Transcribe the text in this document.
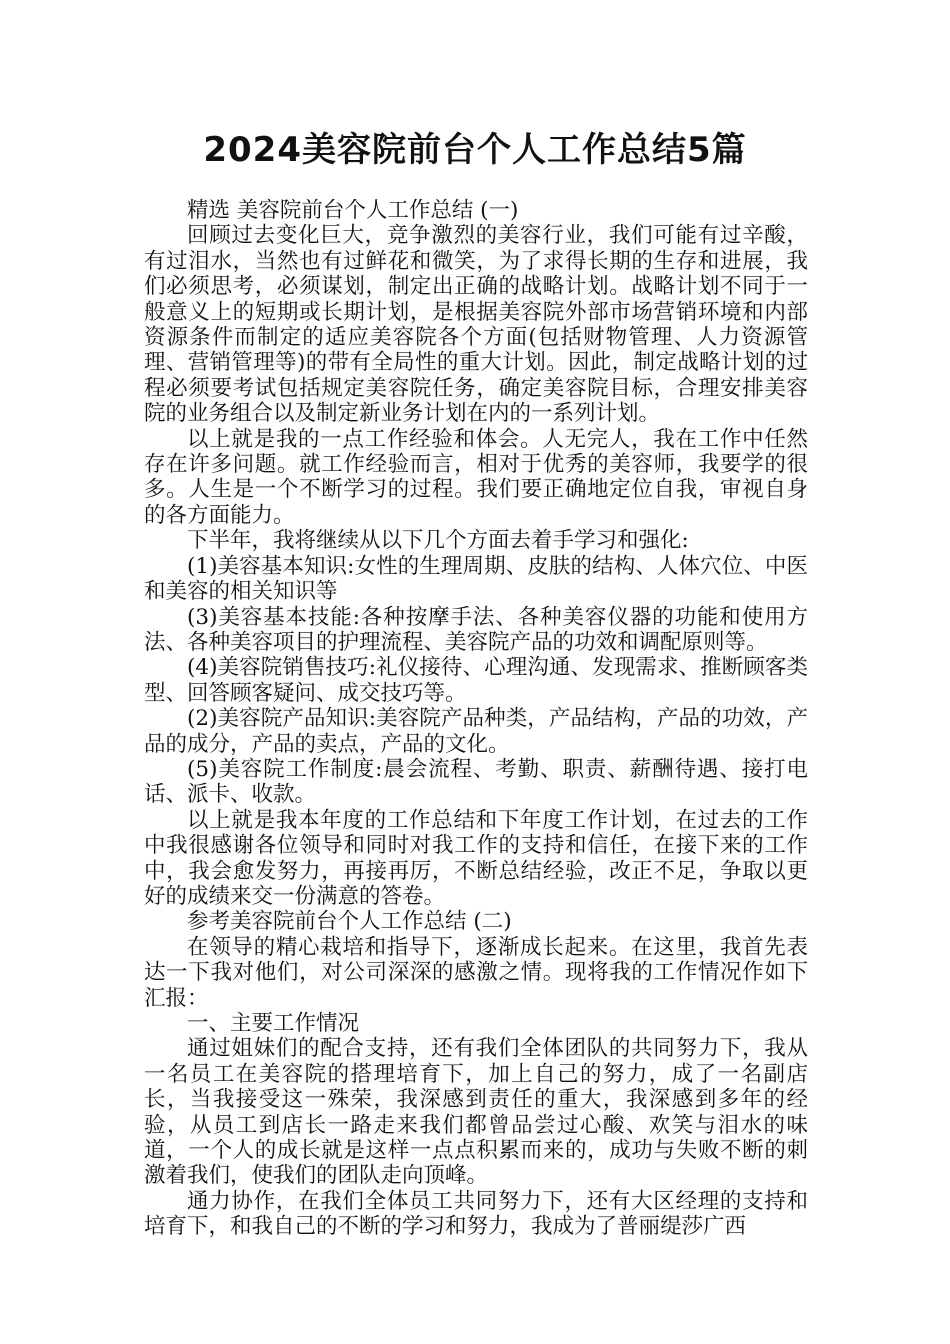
2024美容院前台个人工作总结5篇

精选 美容院前台个人工作总结 (一)

回顾过去变化巨大，竞争激烈的美容行业，我们可能有过辛酸，有过泪水，当然也有过鲜花和微笑，为了求得长期的生存和进展，我们必须思考，必须谋划，制定出正确的战略计划。战略计划不同于一般意义上的短期或长期计划，是根据美容院外部市场营销环境和内部资源条件而制定的适应美容院各个方面(包括财物管理、人力资源管理、营销管理等)的带有全局性的重大计划。因此，制定战略计划的过程必须要考试包括规定美容院任务，确定美容院目标，合理安排美容院的业务组合以及制定新业务计划在内的一系列计划。

以上就是我的一点工作经验和体会。人无完人，我在工作中任然存在许多问题。就工作经验而言，相对于优秀的美容师，我要学的很多。人生是一个不断学习的过程。我们要正确地定位自我，审视自身的各方面能力。

下半年，我将继续从以下几个方面去着手学习和强化:

(1)美容基本知识:女性的生理周期、皮肤的结构、人体穴位、中医和美容的相关知识等

(3)美容基本技能:各种按摩手法、各种美容仪器的功能和使用方法、各种美容项目的护理流程、美容院产品的功效和调配原则等。

(4)美容院销售技巧:礼仪接待、心理沟通、发现需求、推断顾客类型、回答顾客疑问、成交技巧等。

(2)美容院产品知识:美容院产品种类，产品结构，产品的功效，产品的成分，产品的卖点，产品的文化。

(5)美容院工作制度:晨会流程、考勤、职责、薪酬待遇、接打电话、派卡、收款。

以上就是我本年度的工作总结和下年度工作计划，在过去的工作中我很感谢各位领导和同时对我工作的支持和信任，在接下来的工作中，我会愈发努力，再接再厉，不断总结经验，改正不足，争取以更好的成绩来交一份满意的答卷。

参考美容院前台个人工作总结 (二)

在领导的精心栽培和指导下，逐渐成长起来。在这里，我首先表达一下我对他们，对公司深深的感激之情。现将我的工作情况作如下汇报：

一、主要工作情况

通过姐妹们的配合支持，还有我们全体团队的共同努力下，我从一名员工在美容院的搭理培育下，加上自己的努力，成了一名副店长，当我接受这一殊荣，我深感到责任的重大，我深感到多年的经验，从员工到店长一路走来我们都曾品尝过心酸、欢笑与泪水的味道，一个人的成长就是这样一点点积累而来的，成功与失败不断的刺激着我们，使我们的团队走向顶峰。

通力协作，在我们全体员工共同努力下，还有大区经理的支持和培育下，和我自己的不断的学习和努力，我成为了普丽缇莎广西
